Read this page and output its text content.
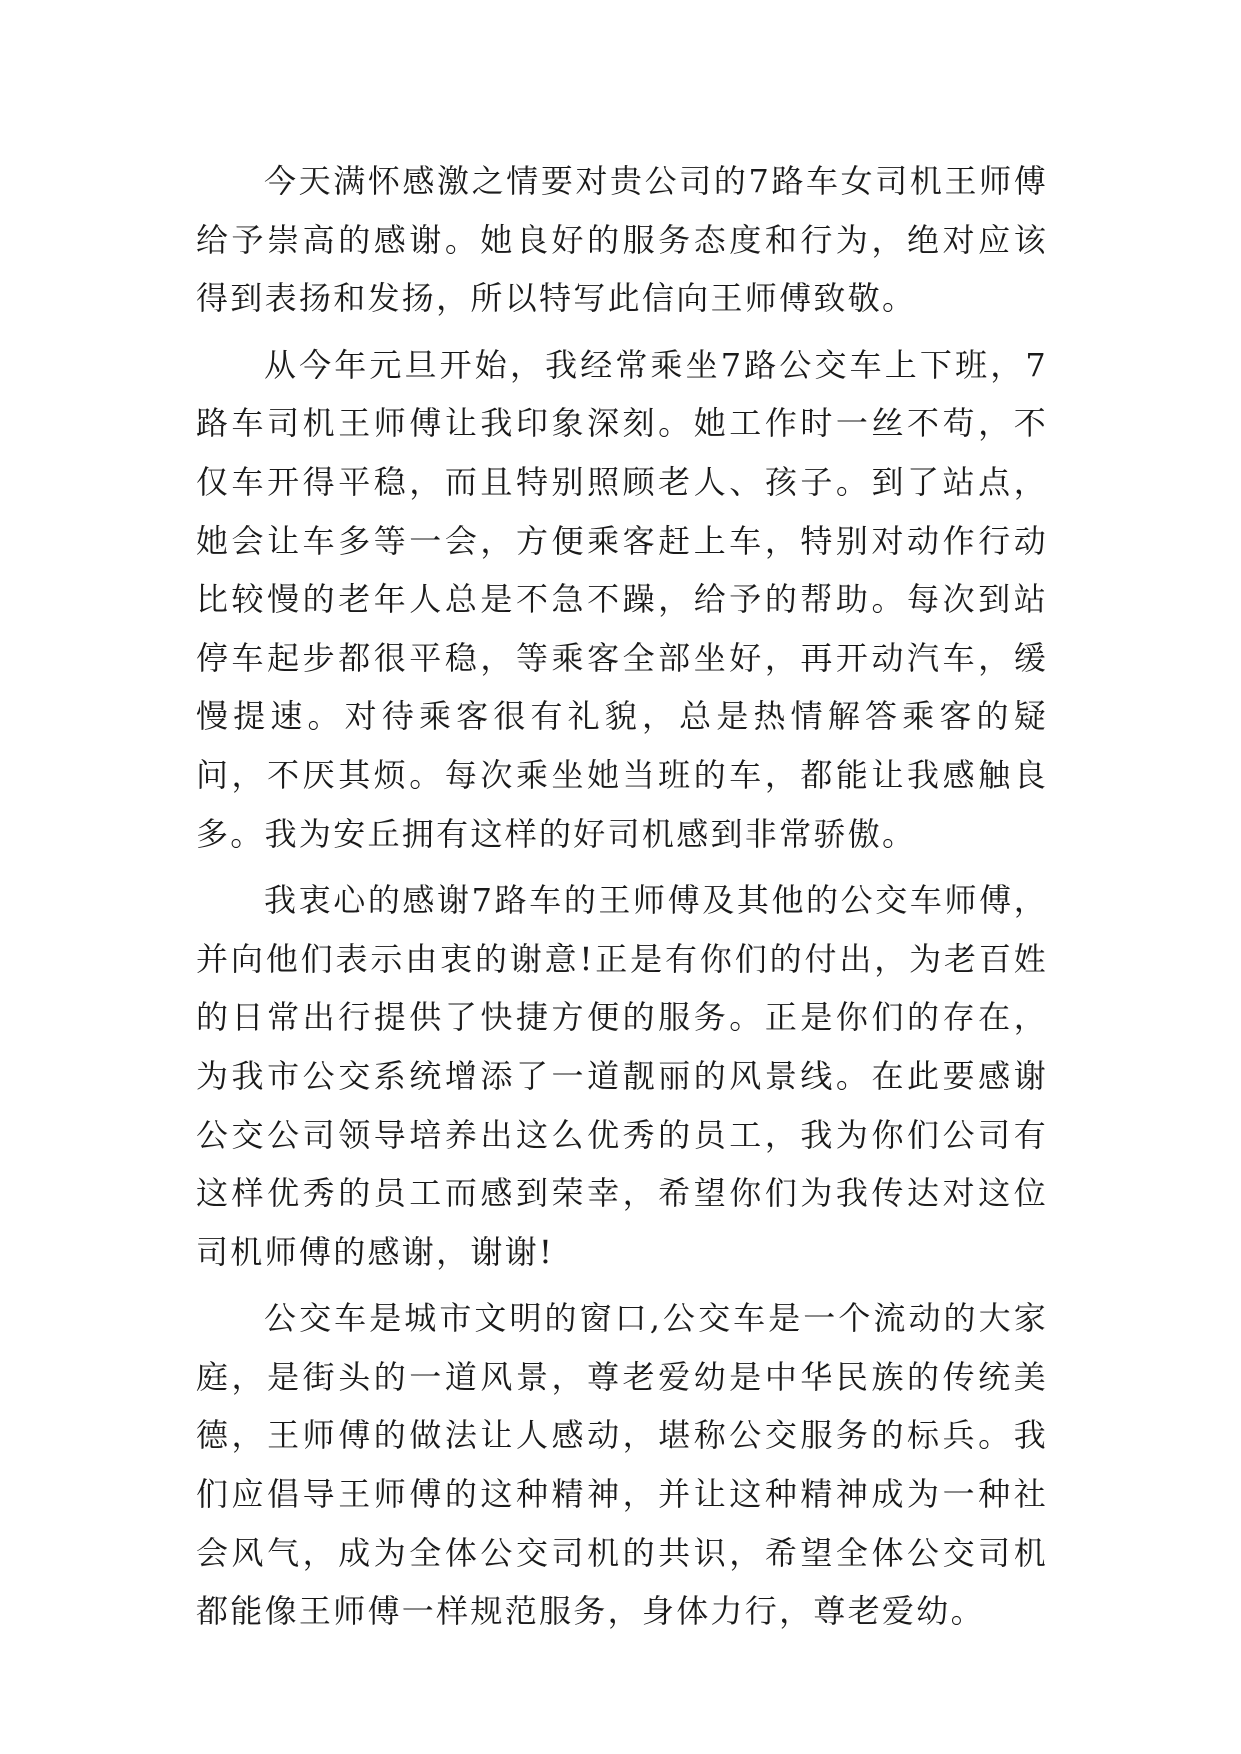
今天满怀感激之情要对贵公司的7路车女司机王师傅给予崇高的感谢。她良好的服务态度和行为，绝对应该得到表扬和发扬，所以特写此信向王师傅致敬。

从今年元旦开始，我经常乘坐7路公交车上下班，7路车司机王师傅让我印象深刻。她工作时一丝不苟，不仅车开得平稳，而且特别照顾老人、孩子。到了站点，她会让车多等一会，方便乘客赶上车，特别对动作行动比较慢的老年人总是不急不躁，给予的帮助。每次到站停车起步都很平稳，等乘客全部坐好，再开动汽车，缓慢提速。对待乘客很有礼貌，总是热情解答乘客的疑问，不厌其烦。每次乘坐她当班的车，都能让我感触良多。我为安丘拥有这样的好司机感到非常骄傲。

我衷心的感谢7路车的王师傅及其他的公交车师傅，并向他们表示由衷的谢意!正是有你们的付出，为老百姓的日常出行提供了快捷方便的服务。正是你们的存在，为我市公交系统增添了一道靓丽的风景线。在此要感谢公交公司领导培养出这么优秀的员工，我为你们公司有这样优秀的员工而感到荣幸，希望你们为我传达对这位司机师傅的感谢，谢谢!

公交车是城市文明的窗口,公交车是一个流动的大家庭，是街头的一道风景，尊老爱幼是中华民族的传统美德，王师傅的做法让人感动，堪称公交服务的标兵。我们应倡导王师傅的这种精神，并让这种精神成为一种社会风气，成为全体公交司机的共识，希望全体公交司机都能像王师傅一样规范服务，身体力行，尊老爱幼。
